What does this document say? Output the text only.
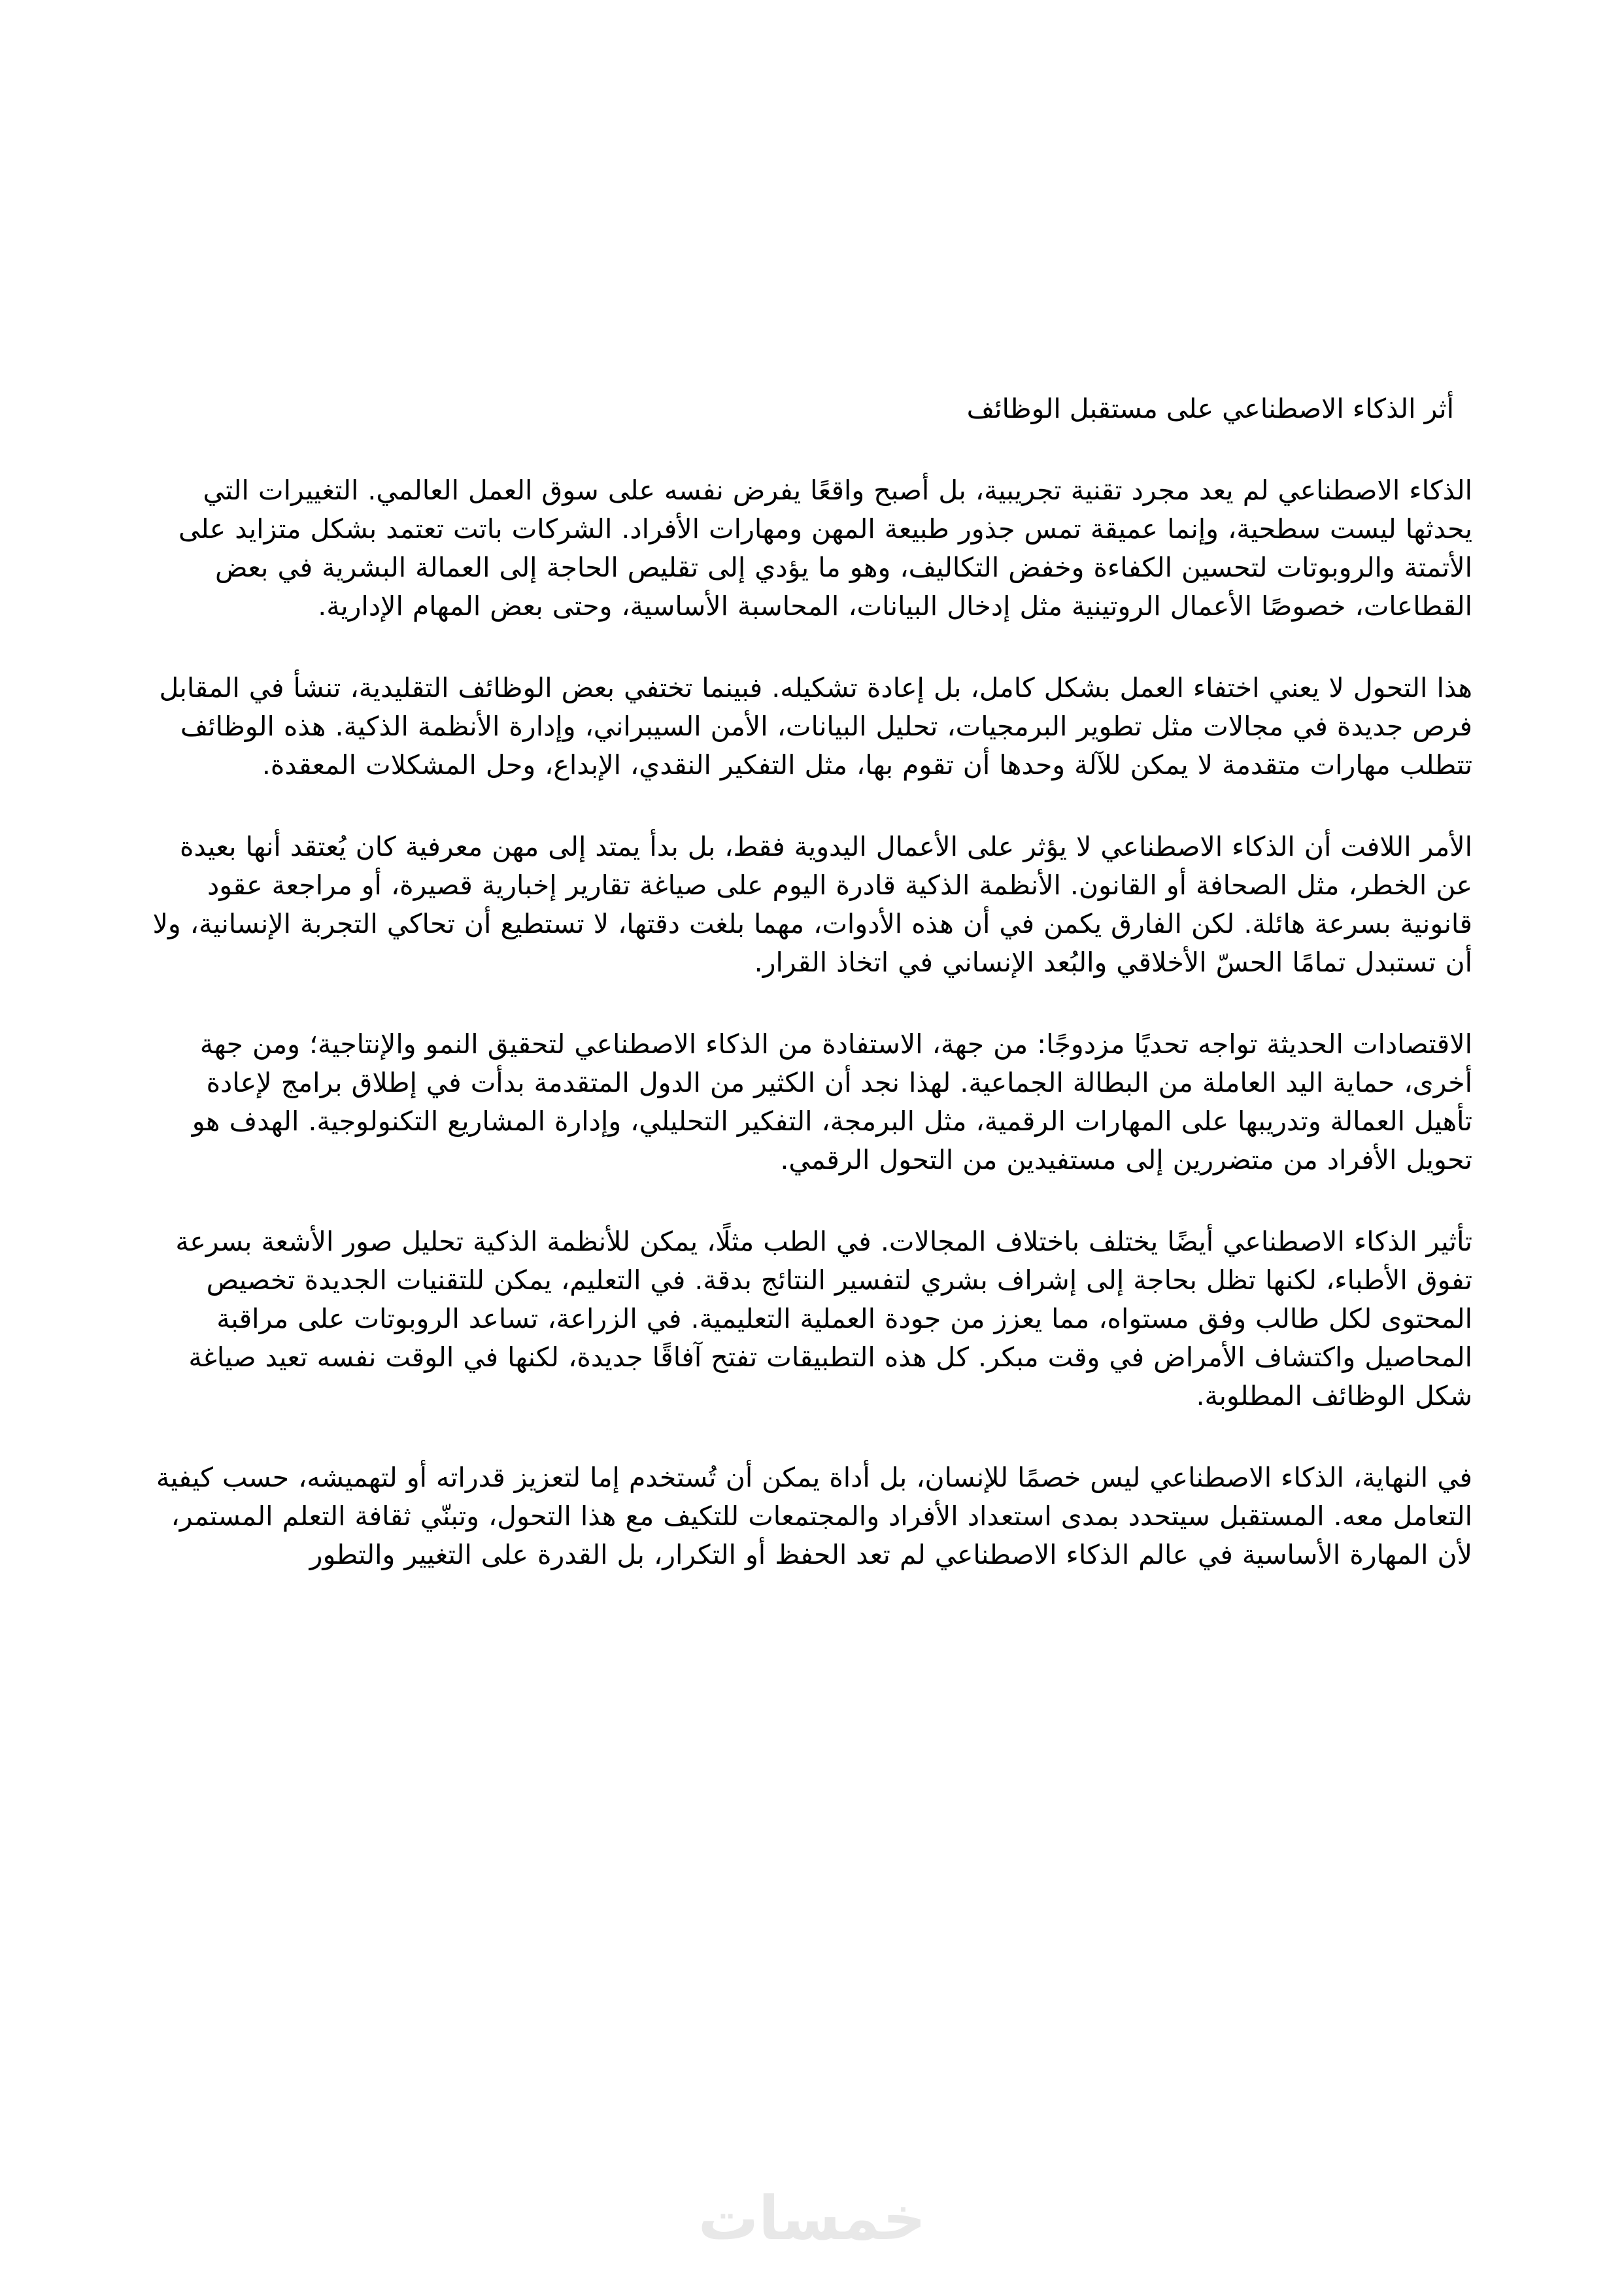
أثر الذكاء الاصطناعي على مستقبل الوظائف

الذكاء الاصطناعي لم يعد مجرد تقنية تجريبية، بل أصبح واقعًا يفرض نفسه على سوق العمل العالمي. التغييرات التي يحدثها ليست سطحية، وإنما عميقة تمس جذور طبيعة المهن ومهارات الأفراد. الشركات باتت تعتمد بشكل متزايد على الأتمتة والروبوتات لتحسين الكفاءة وخفض التكاليف، وهو ما يؤدي إلى تقليص الحاجة إلى العمالة البشرية في بعض القطاعات، خصوصًا الأعمال الروتينية مثل إدخال البيانات، المحاسبة الأساسية، وحتى بعض المهام الإدارية.

هذا التحول لا يعني اختفاء العمل بشكل كامل، بل إعادة تشكيله. فبينما تختفي بعض الوظائف التقليدية، تنشأ في المقابل فرص جديدة في مجالات مثل تطوير البرمجيات، تحليل البيانات، الأمن السيبراني، وإدارة الأنظمة الذكية. هذه الوظائف تتطلب مهارات متقدمة لا يمكن للآلة وحدها أن تقوم بها، مثل التفكير النقدي، الإبداع، وحل المشكلات المعقدة.

الأمر اللافت أن الذكاء الاصطناعي لا يؤثر على الأعمال اليدوية فقط، بل بدأ يمتد إلى مهن معرفية كان يُعتقد أنها بعيدة عن الخطر، مثل الصحافة أو القانون. الأنظمة الذكية قادرة اليوم على صياغة تقارير إخبارية قصيرة، أو مراجعة عقود قانونية بسرعة هائلة. لكن الفارق يكمن في أن هذه الأدوات، مهما بلغت دقتها، لا تستطيع أن تحاكي التجربة الإنسانية، ولا أن تستبدل تمامًا الحسّ الأخلاقي والبُعد الإنساني في اتخاذ القرار.

الاقتصادات الحديثة تواجه تحديًا مزدوجًا: من جهة، الاستفادة من الذكاء الاصطناعي لتحقيق النمو والإنتاجية؛ ومن جهة أخرى، حماية اليد العاملة من البطالة الجماعية. لهذا نجد أن الكثير من الدول المتقدمة بدأت في إطلاق برامج لإعادة تأهيل العمالة وتدريبها على المهارات الرقمية، مثل البرمجة، التفكير التحليلي، وإدارة المشاريع التكنولوجية. الهدف هو تحويل الأفراد من متضررين إلى مستفيدين من التحول الرقمي.

تأثير الذكاء الاصطناعي أيضًا يختلف باختلاف المجالات. في الطب مثلًا، يمكن للأنظمة الذكية تحليل صور الأشعة بسرعة تفوق الأطباء، لكنها تظل بحاجة إلى إشراف بشري لتفسير النتائج بدقة. في التعليم، يمكن للتقنيات الجديدة تخصيص المحتوى لكل طالب وفق مستواه، مما يعزز من جودة العملية التعليمية. في الزراعة، تساعد الروبوتات على مراقبة المحاصيل واكتشاف الأمراض في وقت مبكر. كل هذه التطبيقات تفتح آفاقًا جديدة، لكنها في الوقت نفسه تعيد صياغة شكل الوظائف المطلوبة.

في النهاية، الذكاء الاصطناعي ليس خصمًا للإنسان، بل أداة يمكن أن تُستخدم إما لتعزيز قدراته أو لتهميشه، حسب كيفية التعامل معه. المستقبل سيتحدد بمدى استعداد الأفراد والمجتمعات للتكيف مع هذا التحول، وتبنّي ثقافة التعلم المستمر، لأن المهارة الأساسية في عالم الذكاء الاصطناعي لم تعد الحفظ أو التكرار، بل القدرة على التغيير والتطور

خمسات
